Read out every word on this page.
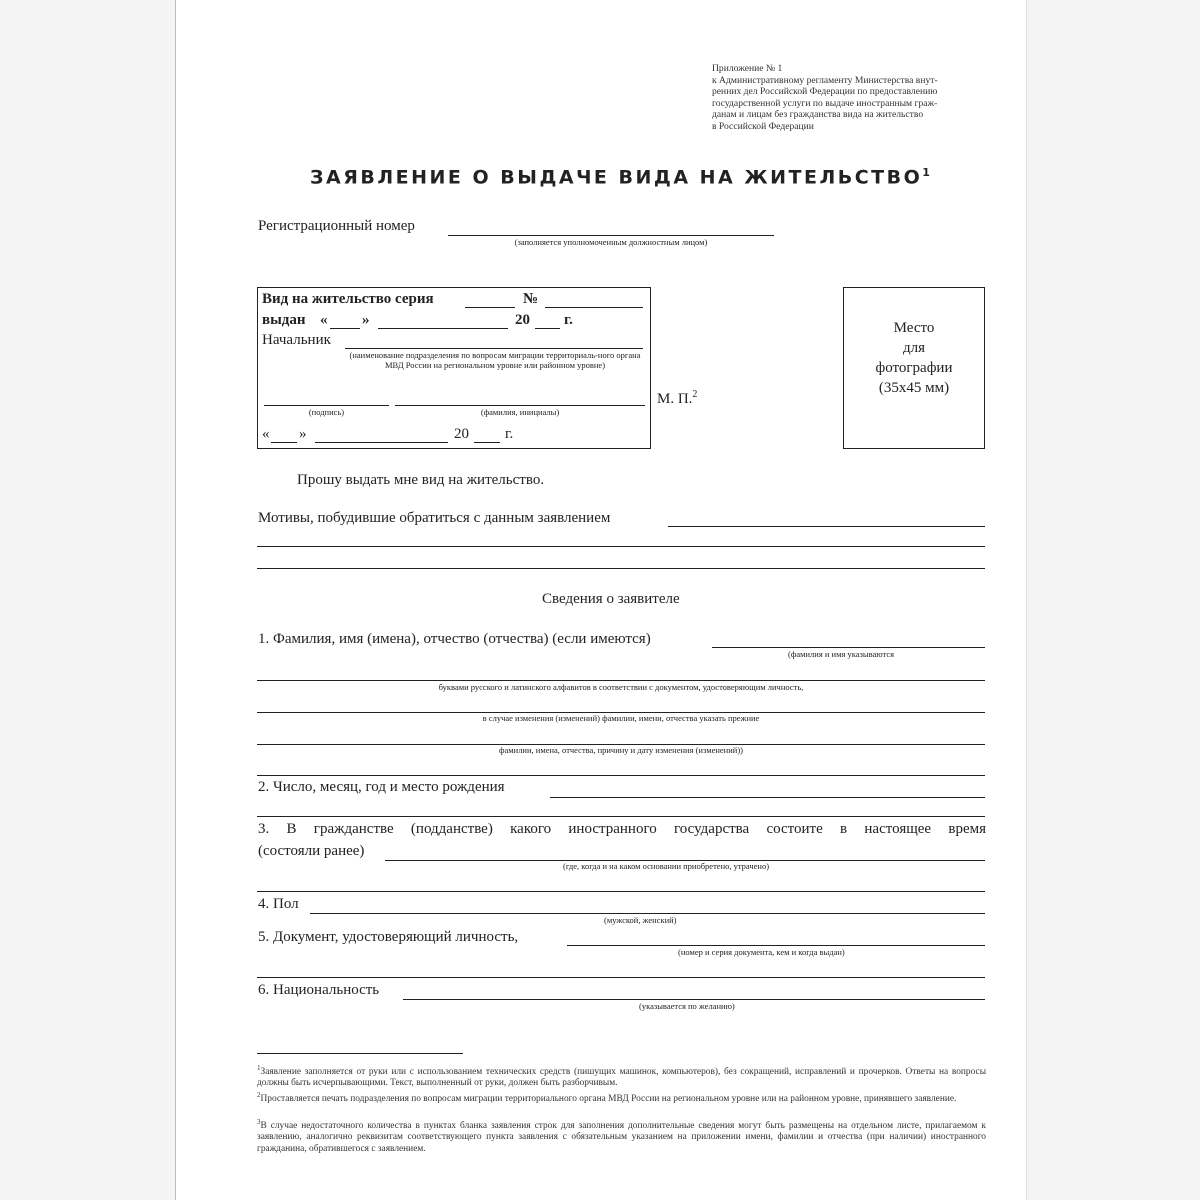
Приложение № 1
к Административному регламенту Министерства внут-
ренних дел Российской Федерации по предоставлению
государственной услуги по выдаче иностранным граж-
данам и лицам без гражданства вида на жительство
в Российской Федерации
ЗАЯВЛЕНИЕ О ВЫДАЧЕ ВИДА НА ЖИТЕЛЬСТВО$^1$
Регистрационный номер
(заполняется уполномоченным должностным лицом)
Вид на жительство серия	№
выдан « »	20 г.
Начальник
(наименование подразделения по вопросам миграции территориаль-ного органа МВД России на региональном уровне или районном уровне)
(подпись)	(фамилия, инициалы)
« »	20 г.
М. П.$^2$
Место
для
фотографии
(35х45 мм)
Прошу выдать мне вид на жительство.
Мотивы, побудившие обратиться с данным заявлением
Сведения о заявителе
1. Фамилия, имя (имена), отчество (отчества) (если имеются)
(фамилия и имя указываются
буквами русского и латинского алфавитов в соответствии с документом, удостоверяющим личность,
в случае изменения (изменений) фамилии, имени, отчества указать прежние
фамилии, имена, отчества, причину и дату изменения (изменений))
2. Число, месяц, год и место рождения
3. В гражданстве (подданстве) какого иностранного государства состоите в настоящее время
(состояли ранее)
(где, когда и на каком основании приобретено, утрачено)
4. Пол
(мужской, женский)
5. Документ, удостоверяющий личность,
(номер и серия документа, кем и когда выдан)
6. Национальность
(указывается по желанию)
$^1$Заявление заполняется от руки или с использованием технических средств (пишущих машинок, компьютеров), без сокращений, исправлений и прочерков. Ответы на вопросы должны быть исчерпывающими. Текст, выполненный от руки, должен быть разборчивым.
$^2$Проставляется печать подразделения по вопросам миграции территориального органа МВД России на региональном уровне или на районном уровне, принявшего заявление.
$^3$В случае недостаточного количества в пунктах бланка заявления строк для заполнения дополнительные сведения могут быть размещены на отдельном листе, прилагаемом к заявлению, аналогично реквизитам соответствующего пункта заявления с обязательным указанием на приложении имени, фамилии и отчества (при наличии) иностранного гражданина, обратившегося с заявлением.
